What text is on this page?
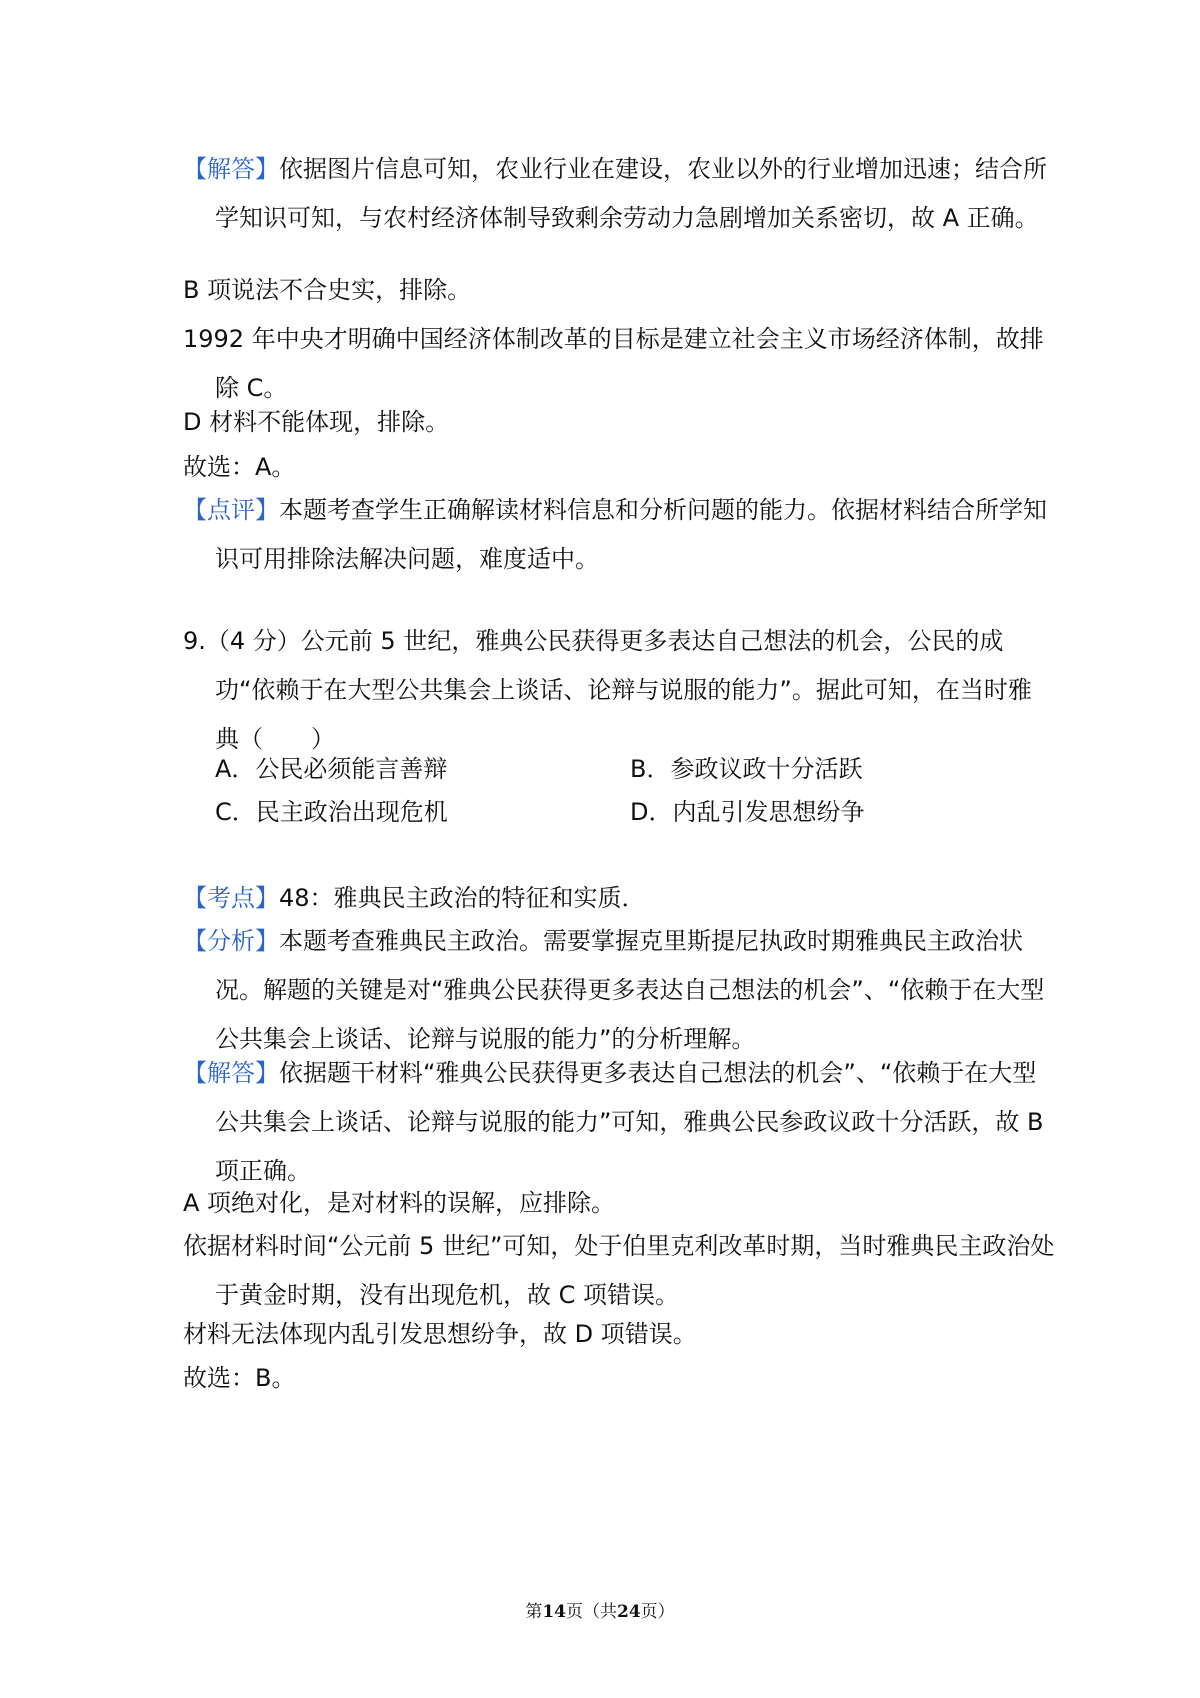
【解答】依据图片信息可知，农业行业在建设，农业以外的行业增加迅速；结合所学知识可知，与农村经济体制导致剩余劳动力急剧增加关系密切，故 A 正确。

B 项说法不合史实，排除。

1992 年中央才明确中国经济体制改革的目标是建立社会主义市场经济体制，故排除 C。

D 材料不能体现，排除。

故选：A。

【点评】本题考查学生正确解读材料信息和分析问题的能力。依据材料结合所学知识可用排除法解决问题，难度适中。

9.（4 分）公元前 5 世纪，雅典公民获得更多表达自己想法的机会，公民的成功“依赖于在大型公共集会上谈话、论辩与说服的能力”。据此可知，在当时雅典（　　）

A．公民必须能言善辩	B．参政议政十分活跃
C．民主政治出现危机	D．内乱引发思想纷争

【考点】48：雅典民主政治的特征和实质．

【分析】本题考查雅典民主政治。需要掌握克里斯提尼执政时期雅典民主政治状况。解题的关键是对“雅典公民获得更多表达自己想法的机会”、“依赖于在大型公共集会上谈话、论辩与说服的能力”的分析理解。

【解答】依据题干材料“雅典公民获得更多表达自己想法的机会”、“依赖于在大型公共集会上谈话、论辩与说服的能力”可知，雅典公民参政议政十分活跃，故 B 项正确。

A 项绝对化，是对材料的误解，应排除。

依据材料时间“公元前 5 世纪”可知，处于伯里克利改革时期，当时雅典民主政治处于黄金时期，没有出现危机，故 C 项错误。

材料无法体现内乱引发思想纷争，故 D 项错误。

故选：B。

第14页（共24页）
